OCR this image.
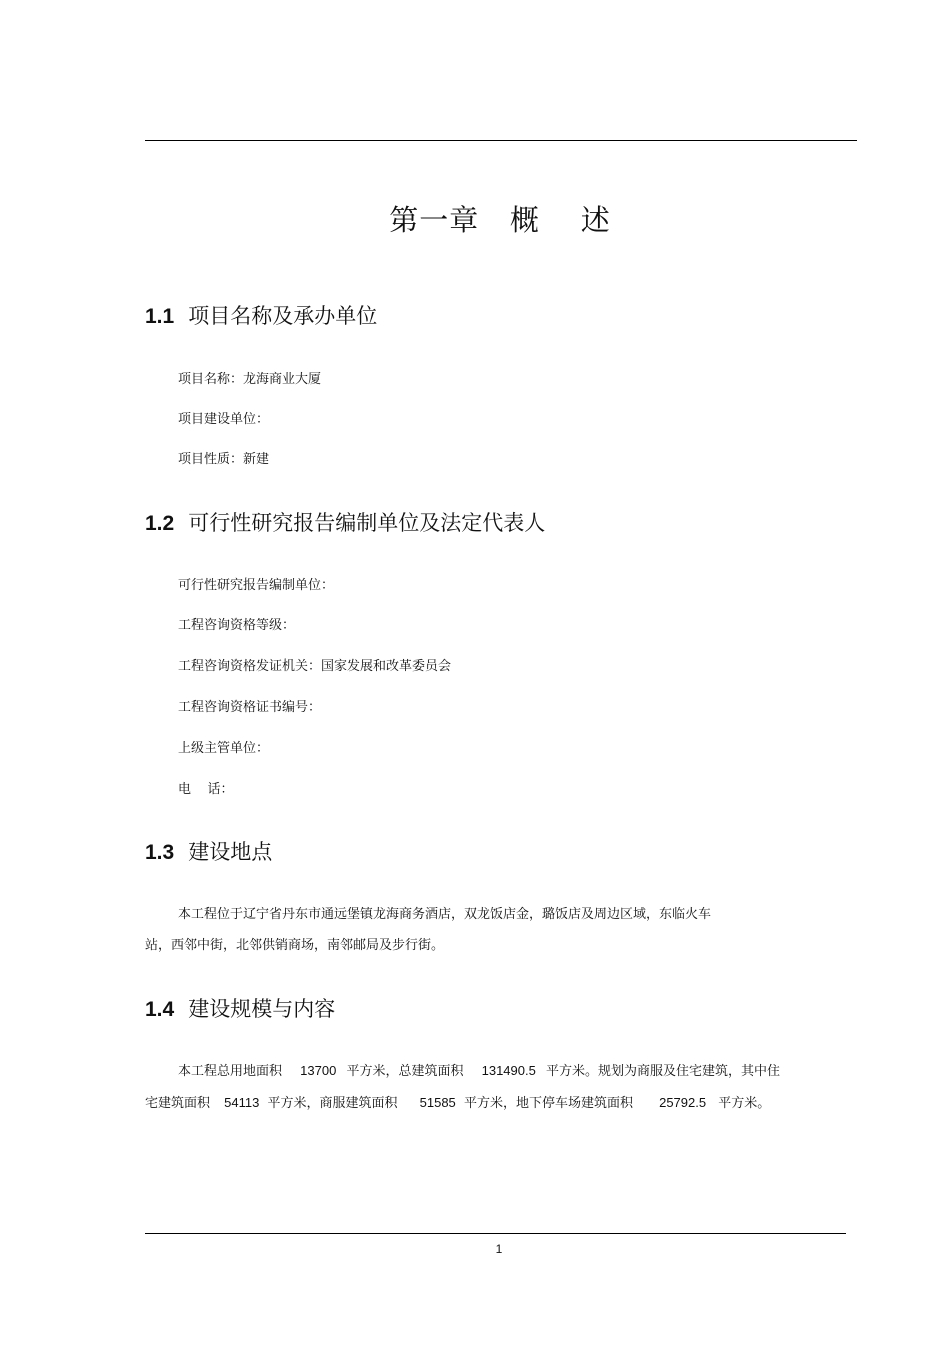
第一章   概    述
1.1 项目名称及承办单位
项目名称：龙海商业大厦
项目建设单位：
项目性质：新建
1.2 可行性研究报告编制单位及法定代表人
可行性研究报告编制单位：
工程咨询资格等级：
工程咨询资格发证机关：国家发展和改革委员会
工程咨询资格证书编号：
上级主管单位：
电    话：
1.3 建设地点
本工程位于辽宁省丹东市通远堡镇龙海商务酒店，双龙饭店金，璐饭店及周边区域，东临火车
站，西邻中街，北邻供销商场，南邻邮局及步行街。
1.4 建设规模与内容
本工程总用地面积 13700 平方米，总建筑面积 131490.5 平方米。规划为商服及住宅建筑，其中住
宅建筑面积 54113 平方米，商服建筑面积 51585 平方米，地下停车场建筑面积 25792.5 平方米。
1
